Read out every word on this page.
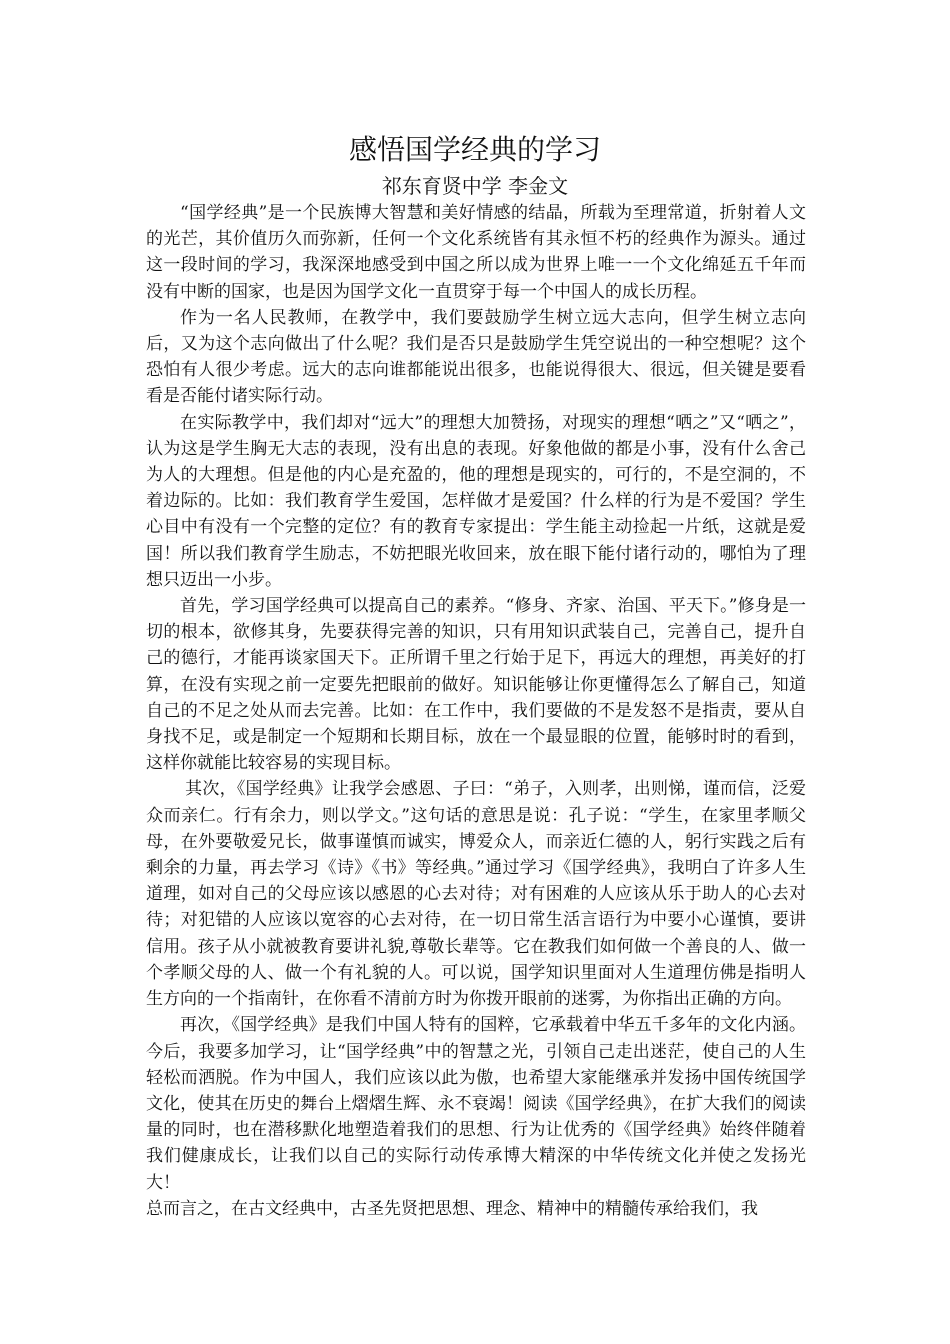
感悟国学经典的学习
祁东育贤中学 李金文

“国学经典”是一个民族博大智慧和美好情感的结晶，所载为至理常道，折射着人文的光芒，其价值历久而弥新，任何一个文化系统皆有其永恒不朽的经典作为源头。通过这一段时间的学习，我深深地感受到中国之所以成为世界上唯一一个文化绵延五千年而没有中断的国家，也是因为国学文化一直贯穿于每一个中国人的成长历程。

作为一名人民教师，在教学中，我们要鼓励学生树立远大志向，但学生树立志向后，又为这个志向做出了什么呢？我们是否只是鼓励学生凭空说出的一种空想呢？这个恐怕有人很少考虑。远大的志向谁都能说出很多，也能说得很大、很远，但关键是要看看是否能付诸实际行动。

在实际教学中，我们却对“远大”的理想大加赞扬，对现实的理想“哂之”又“哂之”，认为这是学生胸无大志的表现，没有出息的表现。好象他做的都是小事，没有什么舍己为人的大理想。但是他的内心是充盈的，他的理想是现实的，可行的，不是空洞的，不着边际的。比如：我们教育学生爱国，怎样做才是爱国？什么样的行为是不爱国？学生心目中有没有一个完整的定位？有的教育专家提出：学生能主动捡起一片纸，这就是爱国！所以我们教育学生励志，不妨把眼光收回来，放在眼下能付诸行动的，哪怕为了理想只迈出一小步。

首先，学习国学经典可以提高自己的素养。“修身、齐家、治国、平天下。”修身是一切的根本，欲修其身，先要获得完善的知识，只有用知识武装自己，完善自己，提升自己的德行，才能再谈家国天下。正所谓千里之行始于足下，再远大的理想，再美好的打算，在没有实现之前一定要先把眼前的做好。知识能够让你更懂得怎么了解自己，知道自己的不足之处从而去完善。比如：在工作中，我们要做的不是发怒不是指责，要从自身找不足，或是制定一个短期和长期目标，放在一个最显眼的位置，能够时时的看到，这样你就能比较容易的实现目标。

其次，《国学经典》让我学会感恩、子曰：“弟子，入则孝，出则悌，谨而信，泛爱众而亲仁。行有余力，则以学文。”这句话的意思是说：孔子说：“学生，在家里孝顺父母，在外要敬爱兄长，做事谨慎而诚实，博爱众人，而亲近仁德的人，躬行实践之后有剩余的力量，再去学习《诗》《书》等经典。”通过学习《国学经典》，我明白了许多人生道理，如对自己的父母应该以感恩的心去对待；对有困难的人应该从乐于助人的心去对待；对犯错的人应该以宽容的心去对待，在一切日常生活言语行为中要小心谨慎，要讲信用。孩子从小就被教育要讲礼貌,尊敬长辈等。它在教我们如何做一个善良的人、做一个孝顺父母的人、做一个有礼貌的人。可以说，国学知识里面对人生道理仿佛是指明人生方向的一个指南针，在你看不清前方时为你拨开眼前的迷雾，为你指出正确的方向。

再次，《国学经典》是我们中国人特有的国粹，它承载着中华五千多年的文化内涵。今后，我要多加学习，让“国学经典”中的智慧之光，引领自己走出迷茫，使自己的人生轻松而洒脱。作为中国人，我们应该以此为傲，也希望大家能继承并发扬中国传统国学文化，使其在历史的舞台上熠熠生辉、永不衰竭！阅读《国学经典》，在扩大我们的阅读量的同时，也在潜移默化地塑造着我们的思想、行为让优秀的《国学经典》始终伴随着我们健康成长，让我们以自己的实际行动传承博大精深的中华传统文化并使之发扬光大！

总而言之，在古文经典中，古圣先贤把思想、理念、精神中的精髓传承给我们，我
